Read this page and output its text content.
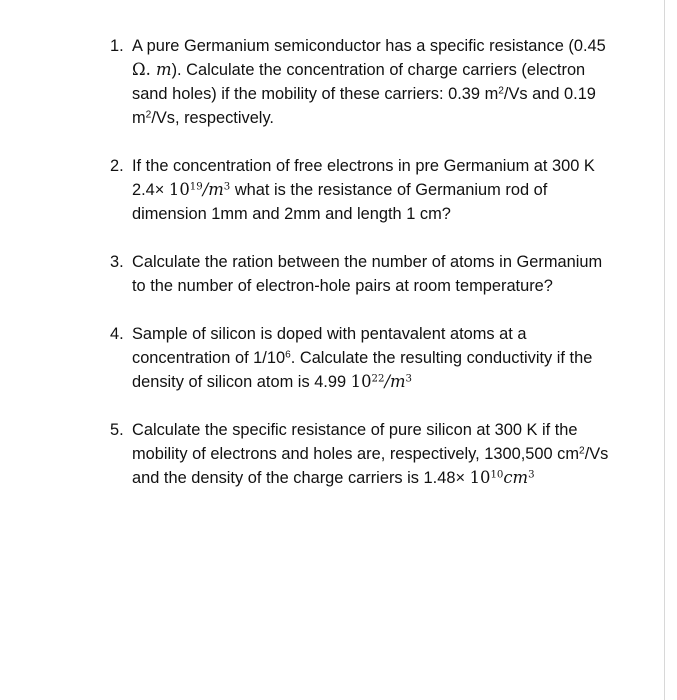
1. A pure Germanium semiconductor has a specific resistance (0.45 Ω. m). Calculate the concentration of charge carriers (electron sand holes) if the mobility of these carriers: 0.39 $m^2/Vs$ and 0.19 $m^2/Vs$, respectively.
2. If the concentration of free electrons in pre Germanium at 300 K $2.4\times 10^{19}/m^3$ what is the resistance of Germanium rod of dimension 1mm and 2mm and length 1 cm?
3. Calculate the ration between the number of atoms in Germanium to the number of electron-hole pairs at room temperature?
4. Sample of silicon is doped with pentavalent atoms at a concentration of $1/10^6$. Calculate the resulting conductivity if the density of silicon atom is 4.99 $10^{22}/m^3$
5. Calculate the specific resistance of pure silicon at 300 K if the mobility of electrons and holes are, respectively, 1300,500 $cm^2/Vs$ and the density of the charge carriers is $1.48\times 10^{10}cm^3$
